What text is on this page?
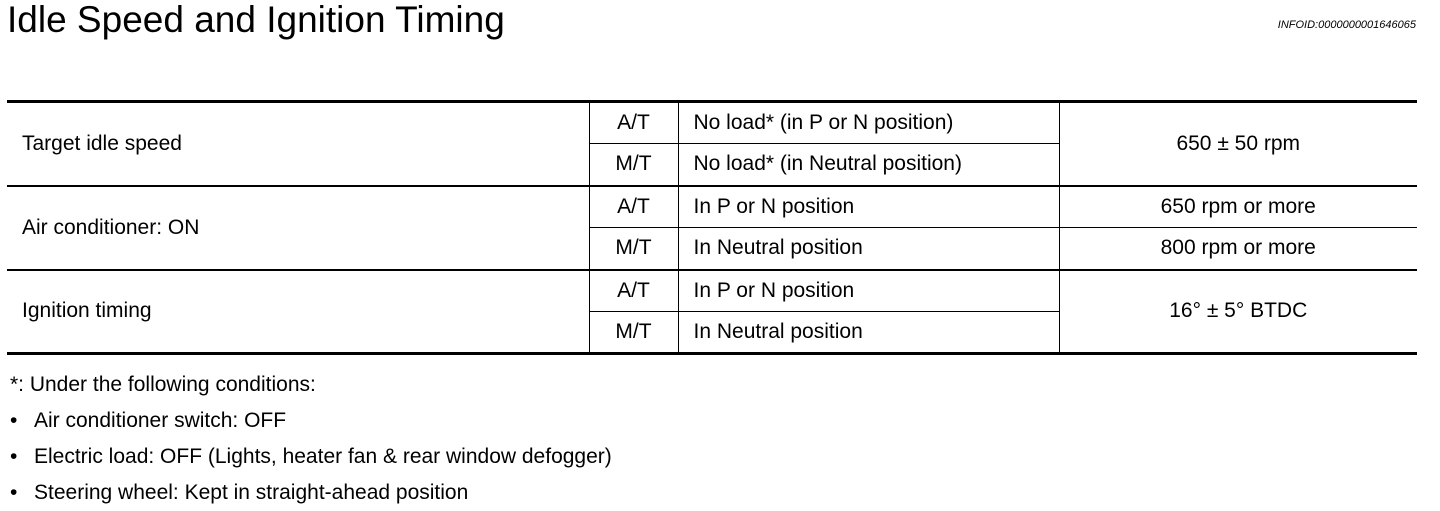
Idle Speed and Ignition Timing	INFOID:0000000001646065
Target idle speed	A/T	No load* (in P or N position)	650 ± 50 rpm
	M/T	No load* (in Neutral position)	
Air conditioner: ON	A/T	In P or N position	650 rpm or more
	M/T	In Neutral position	800 rpm or more
Ignition timing	A/T	In P or N position	16° ± 5° BTDC
	M/T	In Neutral position	
*: Under the following conditions:
• Air conditioner switch: OFF
• Electric load: OFF (Lights, heater fan & rear window defogger)
• Steering wheel: Kept in straight-ahead position
